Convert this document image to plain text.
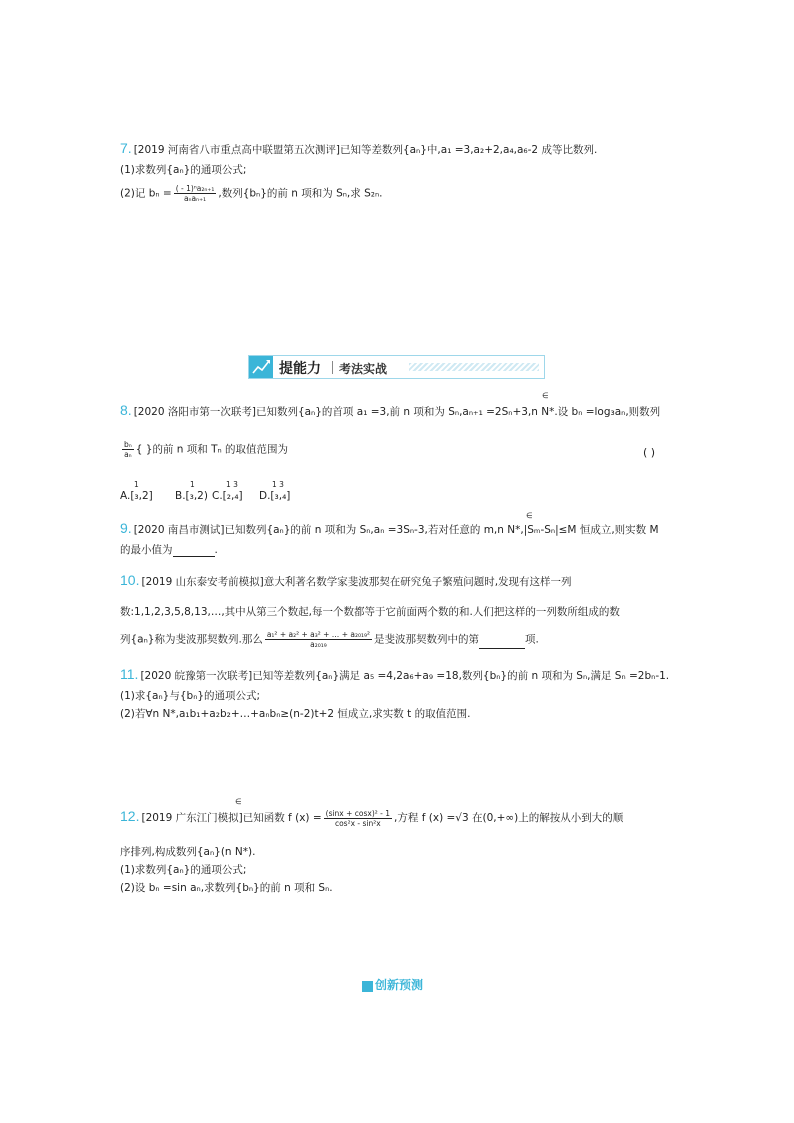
7. [2019 河南省八市重点高中联盟第五次测评]已知等差数列{aₙ}中,a₁ =3,a₂+2,a₄,a₆-2 成等比数列.
(1)求数列{aₙ}的通项公式;
(2)记 $b_n = \frac{\text{( - 1)ⁿa₂ₙ₊₁}}{\text{aₙaₙ₊₁}}$ ,数列{bₙ}的前 n 项和为 Sₙ,求 S₂ₙ.
提能力 考法实战
∈
8. [2020 洛阳市第一次联考]已知数列{aₙ}的首项 a₁ =3,前 n 项和为 Sₙ,aₙ₊₁ =2Sₙ+3,n N*.设 bₙ =log₃aₙ,则数列
$\frac{\text{bₙ}}{\text{aₙ}}$ { }的前 n 项和 Tₙ 的取值范围为	( )
1
A.[₃,2]
1
B.[₃,2)
1 3
C.[₂,₄]
1 3
D.[₃,₄]
∈
9. [2020 南昌市测试]已知数列{aₙ}的前 n 项和为 Sₙ,aₙ =3Sₙ-3,若对任意的 m,n N*,|Sₘ-Sₙ|≤M 恒成立,则实数 M
的最小值为	.
10. [2019 山东泰安考前模拟]意大利著名数学家斐波那契在研究兔子繁殖问题时,发现有这样一列
数:1,1,2,3,5,8,13,…,其中从第三个数起,每一个数都等于它前面两个数的和.人们把这样的一列数所组成的数
列{aₙ}称为斐波那契数列.那么 $\frac{\text{a₁² + a₂² + a₃² + … + a₂₀₁₉²}}{\text{a₂₀₁₉}}$ 是斐波那契数列中的第	项.
11. [2020 皖豫第一次联考]已知等差数列{aₙ}满足 a₅ =4,2a₆+a₉ =18,数列{bₙ}的前 n 项和为 Sₙ,满足 Sₙ =2bₙ-1.
(1)求{aₙ}与{bₙ}的通项公式;
(2)若∀n N*,a₁b₁+a₂b₂+…+aₙbₙ≥(n-2)t+2 恒成立,求实数 t 的取值范围.
∈
12. [2019 广东江门模拟]已知函数 f $(x) = \frac{\text{(sinx + cosx)² - 1}}{\text{cos²x - sin²x}}$ ,方程 f (x) =√3 在(0,+∞)上的解按从小到大的顺
序排列,构成数列{aₙ}(n N*).
(1)求数列{aₙ}的通项公式;
(2)设 bₙ =sin aₙ,求数列{bₙ}的前 n 项和 Sₙ.
创新预测
